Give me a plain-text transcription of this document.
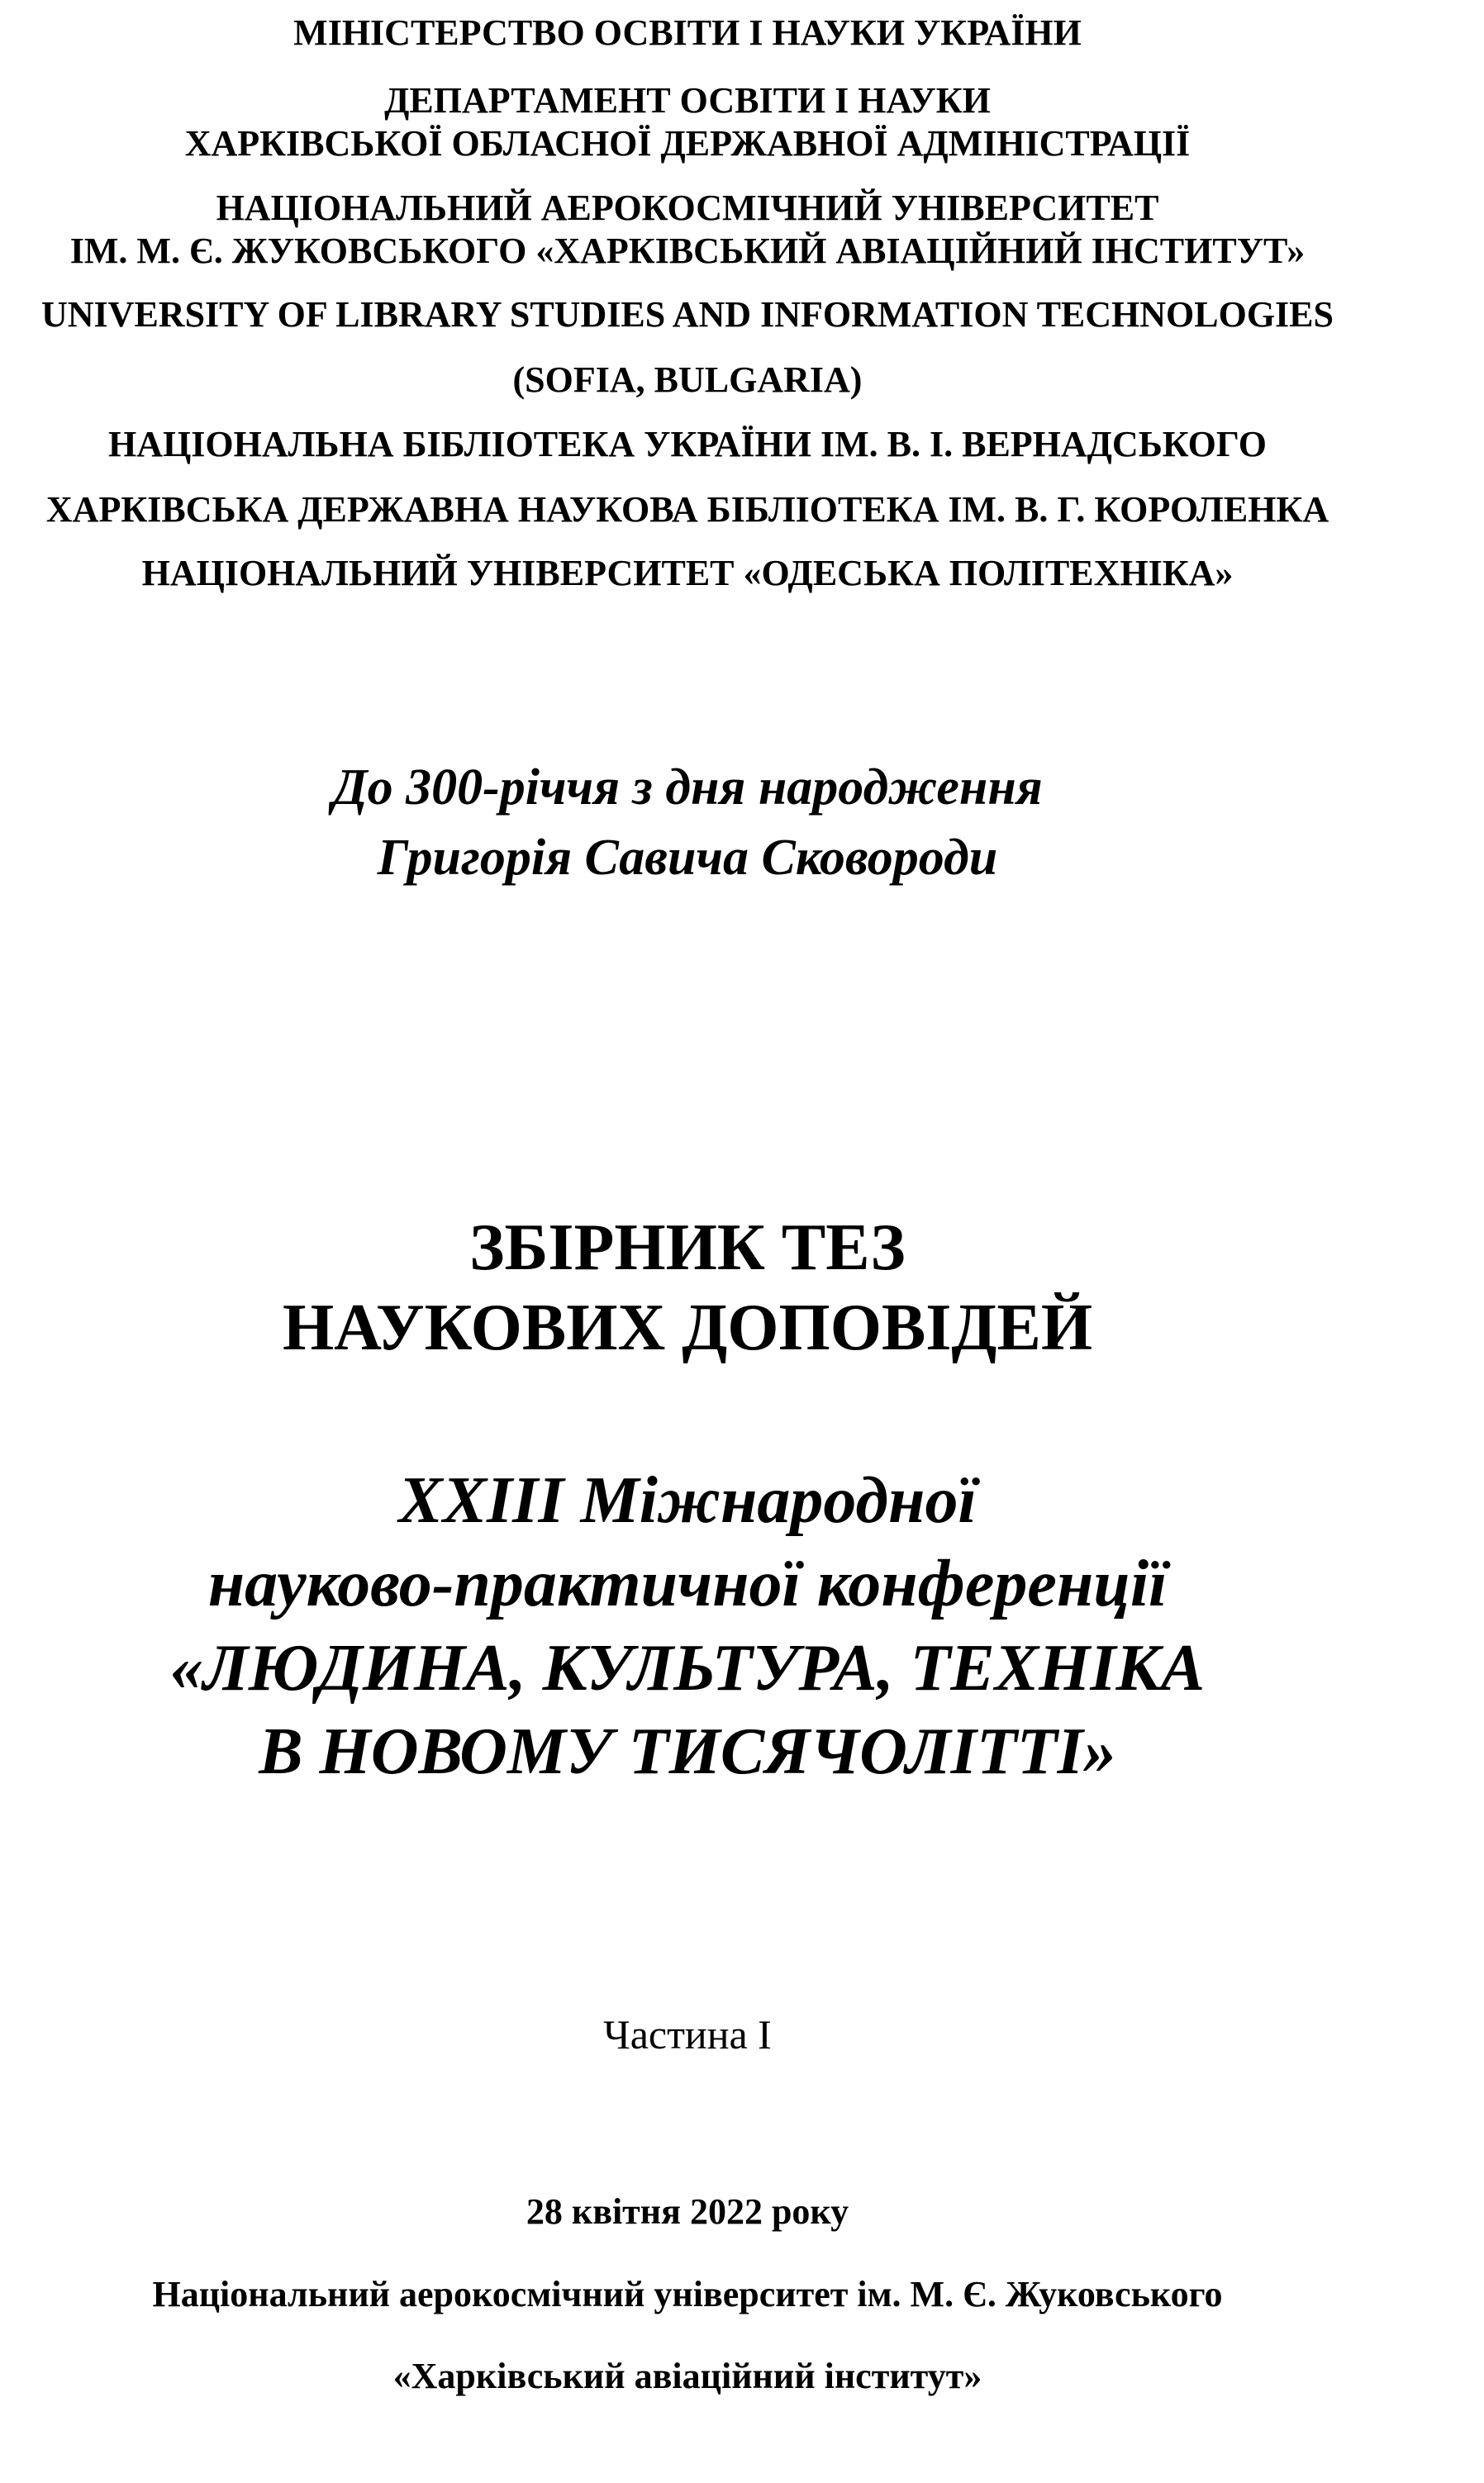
МІНІСТЕРСТВО ОСВІТИ І НАУКИ УКРАЇНИ
ДЕПАРТАМЕНТ ОСВІТИ І НАУКИ
ХАРКІВСЬКОЇ ОБЛАСНОЇ ДЕРЖАВНОЇ АДМІНІСТРАЦІЇ
НАЦІОНАЛЬНИЙ АЕРОКОСМІЧНИЙ УНІВЕРСИТЕТ
ІМ. М. Є. ЖУКОВСЬКОГО «ХАРКІВСЬКИЙ АВІАЦІЙНИЙ ІНСТИТУТ»
UNIVERSITY OF LIBRARY STUDIES AND INFORMATION TECHNOLOGIES
(SOFIA, BULGARIA)
НАЦІОНАЛЬНА БІБЛІОТЕКА УКРАЇНИ ІМ. В. І. ВЕРНАДСЬКОГО
ХАРКІВСЬКА ДЕРЖАВНА НАУКОВА БІБЛІОТЕКА ІМ. В. Г. КОРОЛЕНКА
НАЦІОНАЛЬНИЙ УНІВЕРСИТЕТ «ОДЕСЬКА ПОЛІТЕХНІКА»
До 300-річчя з дня народження
Григорія Савича Сковороди
ЗБІРНИК ТЕЗ
НАУКОВИХ ДОПОВІДЕЙ
XXIII Міжнародної
науково-практичної конференції
«ЛЮДИНА, КУЛЬТУРА, ТЕХНІКА
В НОВОМУ ТИСЯЧОЛІТТІ»
Частина I
28 квітня 2022 року
Національний аерокосмічний університет ім. М. Є. Жуковського
«Харківський авіаційний інститут»
